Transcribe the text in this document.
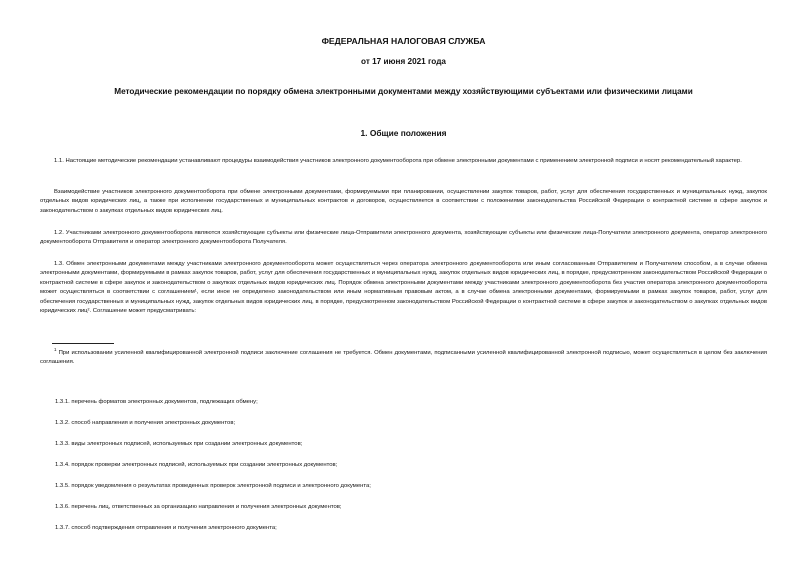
ФЕДЕРАЛЬНАЯ НАЛОГОВАЯ СЛУЖБА
от 17 июня 2021 года
Методические рекомендации по порядку обмена электронными документами между хозяйствующими субъектами или физическими лицами
1. Общие положения

1.1. Настоящие методические рекомендации устанавливают процедуры взаимодействия участников электронного документооборота при обмене электронными документами с применением электронной подписи и носят рекомендательный характер.

Взаимодействие участников электронного документооборота при обмене электронными документами, формируемыми при планировании, осуществлении закупок товаров, работ, услуг для обеспечения государственных и муниципальных нужд, закупок отдельных видов юридических лиц, а также при исполнении государственных и муниципальных контрактов и договоров, осуществляется в соответствии с положениями законодательства Российской Федерации о контрактной системе в сфере закупок и законодательством о закупках отдельных видов юридических лиц.

1.2. Участниками электронного документооборота являются хозяйствующие субъекты или физические лица-Отправители электронного документа, хозяйствующие субъекты или физические лица-Получатели электронного документа, оператор электронного документооборота Отправителя и оператор электронного документооборота Получателя.

1.3. Обмен электронными документами между участниками электронного документооборота может осуществляться через оператора электронного документооборота или иным согласованным Отправителем и Получателем способом, а в случае обмена электронными документами, формируемыми в рамках закупок товаров, работ, услуг для обеспечения государственных и муниципальных нужд, закупок отдельных видов юридических лиц, в порядке, предусмотренном законодательством Российской Федерации о контрактной системе в сфере закупок и законодательством о закупках отдельных видов юридических лиц. Порядок обмена электронными документами между участниками электронного документооборота без участия оператора электронного документооборота может осуществляться в соответствии с соглашением¹, если иное не определено законодательством или иным нормативным правовым актом, а в случае обмена электронными документами, формируемыми в рамках закупок товаров, работ, услуг для обеспечения государственных и муниципальных нужд, закупок отдельных видов юридических лиц, в порядке, предусмотренном законодательством Российской Федерации о контрактной системе в сфере закупок и законодательством о закупках отдельных видов юридических лиц². Соглашение может предусматривать:

$^1$ При использовании усиленной квалифицированной электронной подписи заключение соглашения не требуется. Обмен документами, подписанными усиленной квалифицированной электронной подписью, может осуществляться в целом без заключения соглашения.

1.3.1. перечень форматов электронных документов, подлежащих обмену;
1.3.2. способ направления и получения электронных документов;
1.3.3. виды электронных подписей, используемых при создании электронных документов;
1.3.4. порядок проверки электронных подписей, используемых при создании электронных документов;
1.3.5. порядок уведомления о результатах проведенных проверок электронной подписи и электронного документа;
1.3.6. перечень лиц, ответственных за организацию направления и получения электронных документов;
1.3.7. способ подтверждения отправления и получения электронного документа;
